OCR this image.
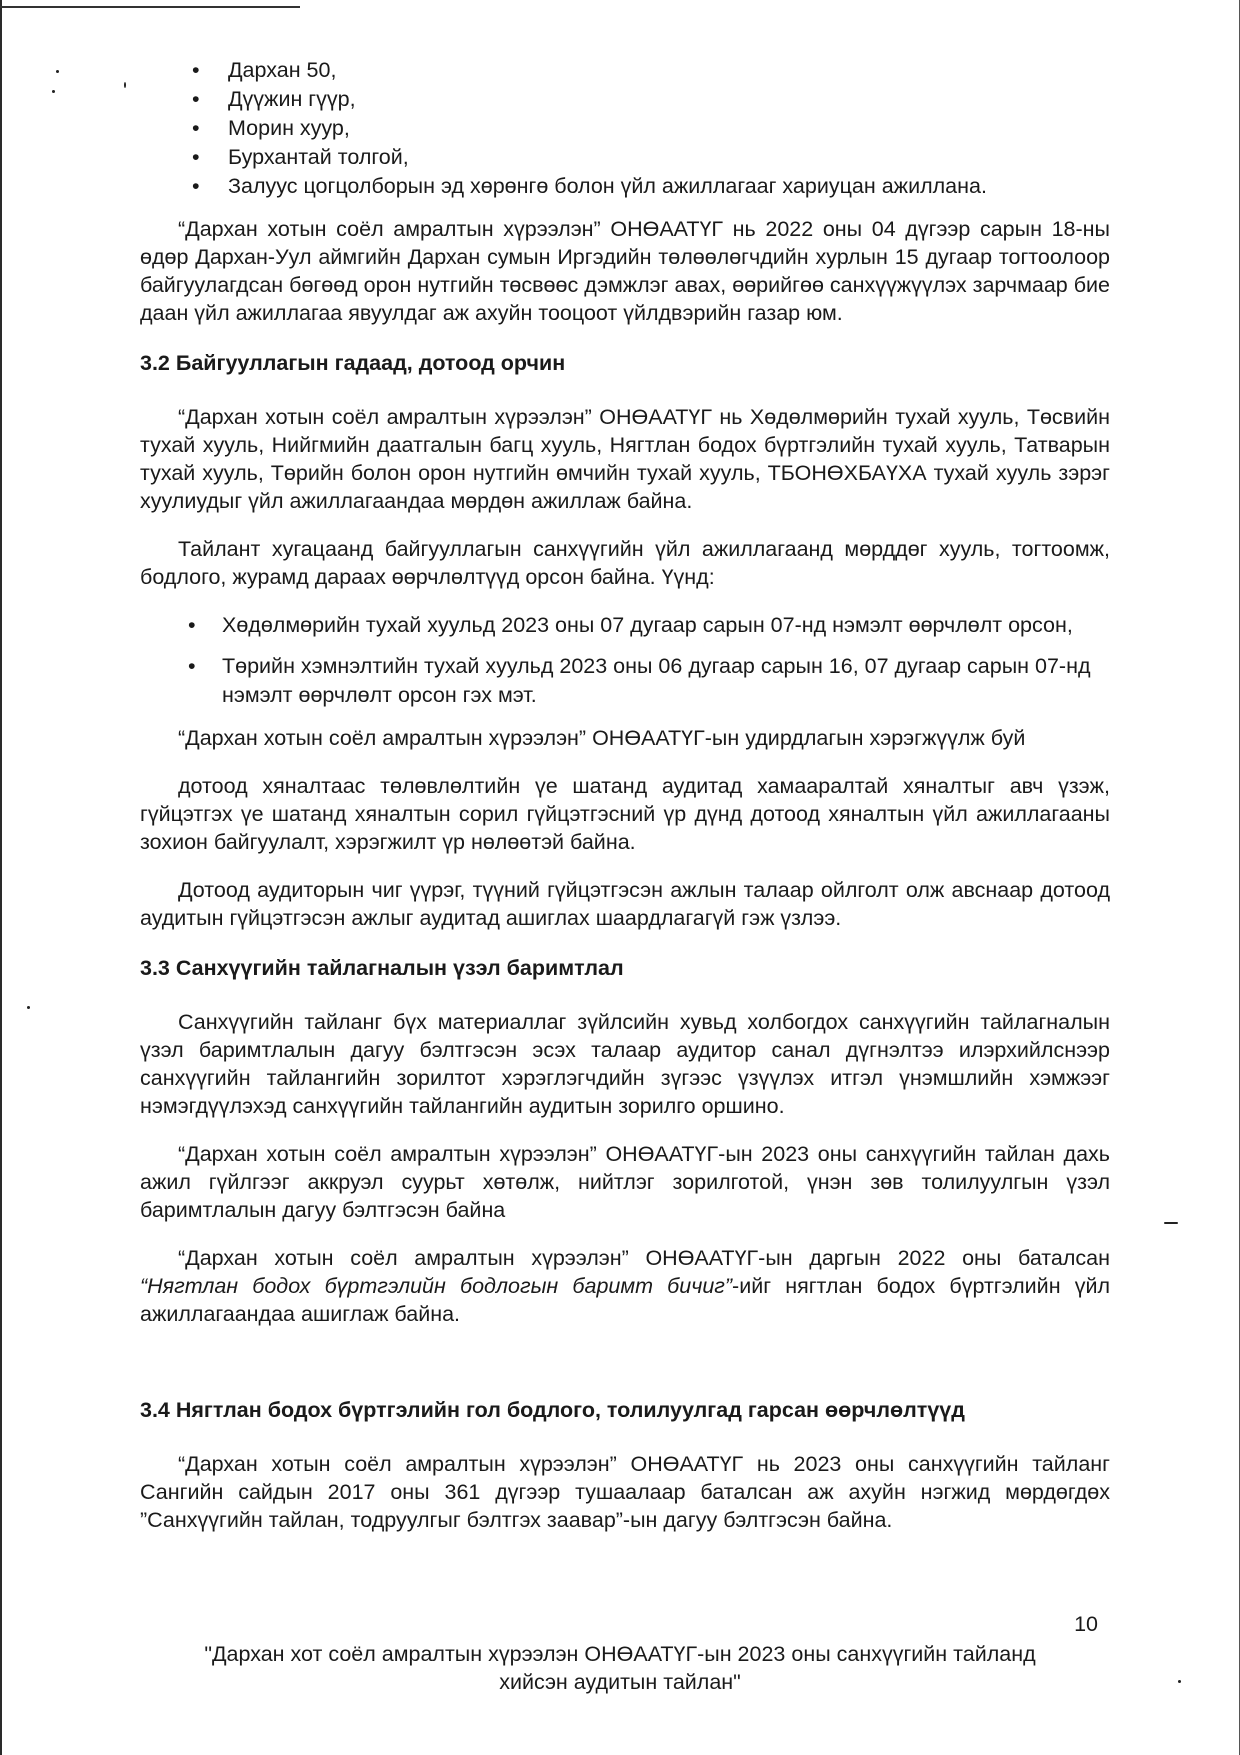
• Дархан 50,
• Дүүжин гүүр,
• Морин хуур,
• Бурхантай толгой,
• Залуус цогцолборын эд хөрөнгө болон үйл ажиллагааг хариуцан ажиллана.

“Дархан хотын соёл амралтын хүрээлэн” ОНӨААТҮГ нь 2022 оны 04 дүгээр сарын 18-ны өдөр Дархан-Уул аймгийн Дархан сумын Иргэдийн төлөөлөгчдийн хурлын 15 дугаар тогтоолоор байгуулагдсан бөгөөд орон нутгийн төсвөөс дэмжлэг авах, өөрийгөө санхүүжүүлэх зарчмаар бие даан үйл ажиллагаа явуулдаг аж ахуйн тооцоот үйлдвэрийн газар юм.

3.2 Байгууллагын гадаад, дотоод орчин

“Дархан хотын соёл амралтын хүрээлэн” ОНӨААТҮГ нь Хөдөлмөрийн тухай хууль, Төсвийн тухай хууль, Нийгмийн даатгалын багц хууль, Нягтлан бодох бүртгэлийн тухай хууль, Татварын тухай хууль, Төрийн болон орон нутгийн өмчийн тухай хууль, ТБОНӨХБАҮХА тухай хууль зэрэг хуулиудыг үйл ажиллагаандаа мөрдөн ажиллаж байна.

Тайлант хугацаанд байгууллагын санхүүгийн үйл ажиллагаанд мөрддөг хууль, тогтоомж, бодлого, журамд дараах өөрчлөлтүүд орсон байна. Үүнд:

• Хөдөлмөрийн тухай хуульд 2023 оны 07 дугаар сарын 07-нд нэмэлт өөрчлөлт орсон,
• Төрийн хэмнэлтийн тухай хуульд 2023 оны 06 дугаар сарын 16, 07 дугаар сарын 07-нд нэмэлт өөрчлөлт орсон гэх мэт.

“Дархан хотын соёл амралтын хүрээлэн” ОНӨААТҮГ-ын удирдлагын хэрэгжүүлж буй

дотоод хяналтаас төлөвлөлтийн үе шатанд аудитад хамааралтай хяналтыг авч үзэж, гүйцэтгэх үе шатанд хяналтын сорил гүйцэтгэсний үр дүнд дотоод хяналтын үйл ажиллагааны зохион байгуулалт, хэрэгжилт үр нөлөөтэй байна.

Дотоод аудиторын чиг үүрэг, түүний гүйцэтгэсэн ажлын талаар ойлголт олж авснаар дотоод аудитын гүйцэтгэсэн ажлыг аудитад ашиглах шаардлагагүй гэж үзлээ.

3.3 Санхүүгийн тайлагналын үзэл баримтлал

Санхүүгийн тайланг бүх материаллаг зүйлсийн хувьд холбогдох санхүүгийн тайлагналын үзэл баримтлалын дагуу бэлтгэсэн эсэх талаар аудитор санал дүгнэлтээ илэрхийлснээр санхүүгийн тайлангийн зорилтот хэрэглэгчдийн зүгээс үзүүлэх итгэл үнэмшлийн хэмжээг нэмэгдүүлэхэд санхүүгийн тайлангийн аудитын зорилго оршино.

“Дархан хотын соёл амралтын хүрээлэн” ОНӨААТҮГ-ын 2023 оны санхүүгийн тайлан дахь ажил гүйлгээг аккруэл суурьт хөтөлж, нийтлэг зорилготой, үнэн зөв толилуулгын үзэл баримтлалын дагуу бэлтгэсэн байна

“Дархан хотын соёл амралтын хүрээлэн” ОНӨААТҮГ-ын даргын 2022 оны баталсан “Нягтлан бодох бүртгэлийн бодлогын баримт бичиг”-ийг нягтлан бодох бүртгэлийн үйл ажиллагаандаа ашиглаж байна.

3.4 Нягтлан бодох бүртгэлийн гол бодлого, толилуулгад гарсан өөрчлөлтүүд

“Дархан хотын соёл амралтын хүрээлэн” ОНӨААТҮГ нь 2023 оны санхүүгийн тайланг Сангийн сайдын 2017 оны 361 дүгээр тушаалаар баталсан аж ахуйн нэгжид мөрдөгдөх ”Санхүүгийн тайлан, тодруулгыг бэлтгэх заавар”-ын дагуу бэлтгэсэн байна.

10
"Дархан хот соёл амралтын хүрээлэн ОНӨААТҮГ-ын 2023 оны санхүүгийн тайланд
хийсэн аудитын тайлан"
